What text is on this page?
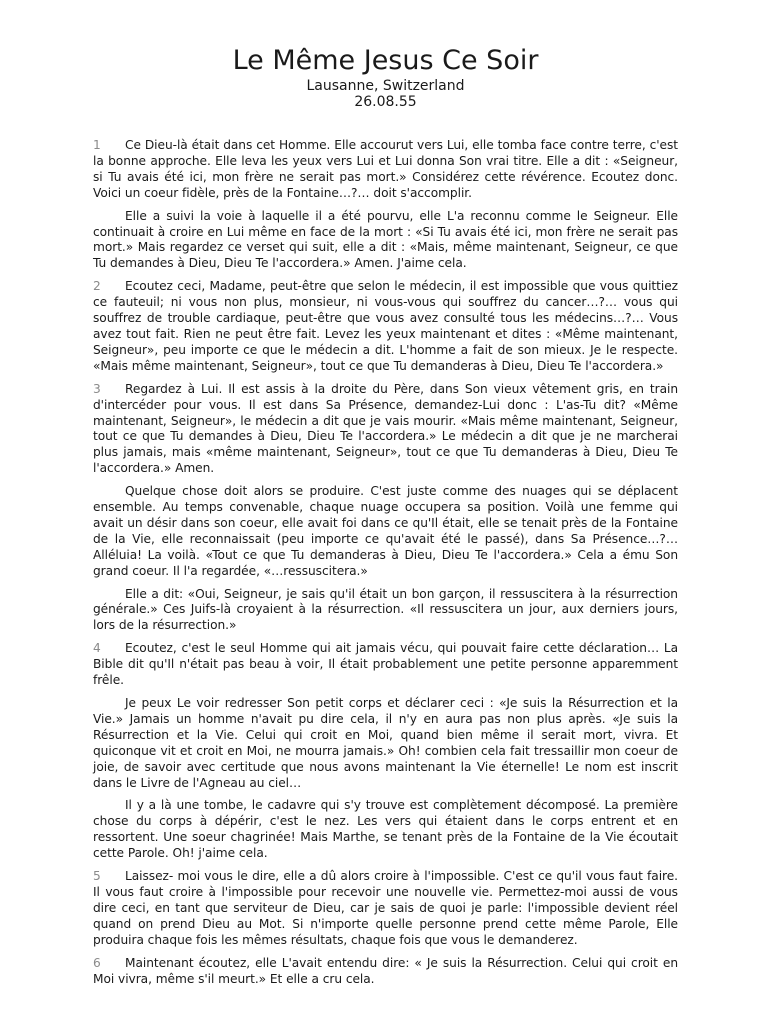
Le Même Jesus Ce Soir

Lausanne, Switzerland

26.08.55

1 Ce Dieu-là était dans cet Homme. Elle accourut vers Lui, elle tomba face contre terre, c'est la bonne approche. Elle leva les yeux vers Lui et Lui donna Son vrai titre. Elle a dit : «Seigneur, si Tu avais été ici, mon frère ne serait pas mort.» Considérez cette révérence. Ecoutez donc. Voici un coeur fidèle, près de la Fontaine…?… doit s'accomplir.

Elle a suivi la voie à laquelle il a été pourvu, elle L'a reconnu comme le Seigneur. Elle continuait à croire en Lui même en face de la mort : «Si Tu avais été ici, mon frère ne serait pas mort.» Mais regardez ce verset qui suit, elle a dit : «Mais, même maintenant, Seigneur, ce que Tu demandes à Dieu, Dieu Te l'accordera.» Amen. J'aime cela.

2 Ecoutez ceci, Madame, peut-être que selon le médecin, il est impossible que vous quittiez ce fauteuil; ni vous non plus, monsieur, ni vous-vous qui souffrez du cancer…?… vous qui souffrez de trouble cardiaque, peut-être que vous avez consulté tous les médecins…?… Vous avez tout fait. Rien ne peut être fait. Levez les yeux maintenant et dites : «Même maintenant, Seigneur», peu importe ce que le médecin a dit. L'homme a fait de son mieux. Je le respecte. «Mais même maintenant, Seigneur», tout ce que Tu demanderas à Dieu, Dieu Te l'accordera.»

3 Regardez à Lui. Il est assis à la droite du Père, dans Son vieux vêtement gris, en train d'intercéder pour vous. Il est dans Sa Présence, demandez-Lui donc : L'as-Tu dit? «Même maintenant, Seigneur», le médecin a dit que je vais mourir. «Mais même maintenant, Seigneur, tout ce que Tu demandes à Dieu, Dieu Te l'accordera.» Le médecin a dit que je ne marcherai plus jamais, mais «même maintenant, Seigneur», tout ce que Tu demanderas à Dieu, Dieu Te l'accordera.» Amen.

Quelque chose doit alors se produire. C'est juste comme des nuages qui se déplacent ensemble. Au temps convenable, chaque nuage occupera sa position. Voilà une femme qui avait un désir dans son coeur, elle avait foi dans ce qu'Il était, elle se tenait près de la Fontaine de la Vie, elle reconnaissait (peu importe ce qu'avait été le passé), dans Sa Présence…?… Alléluia! La voilà. «Tout ce que Tu demanderas à Dieu, Dieu Te l'accordera.» Cela a ému Son grand coeur. Il l'a regardée, «…ressuscitera.»

Elle a dit: «Oui, Seigneur, je sais qu'il était un bon garçon, il ressuscitera à la résurrection générale.» Ces Juifs-là croyaient à la résurrection. «Il ressuscitera un jour, aux derniers jours, lors de la résurrection.»

4 Ecoutez, c'est le seul Homme qui ait jamais vécu, qui pouvait faire cette déclaration… La Bible dit qu'Il n'était pas beau à voir, Il était probablement une petite personne apparemment frêle.

Je peux Le voir redresser Son petit corps et déclarer ceci : «Je suis la Résurrection et la Vie.» Jamais un homme n'avait pu dire cela, il n'y en aura pas non plus après. «Je suis la Résurrection et la Vie. Celui qui croit en Moi, quand bien même il serait mort, vivra. Et quiconque vit et croit en Moi, ne mourra jamais.» Oh! combien cela fait tressaillir mon coeur de joie, de savoir avec certitude que nous avons maintenant la Vie éternelle! Le nom est inscrit dans le Livre de l'Agneau au ciel…

Il y a là une tombe, le cadavre qui s'y trouve est complètement décomposé. La première chose du corps à dépérir, c'est le nez. Les vers qui étaient dans le corps entrent et en ressortent. Une soeur chagrinée! Mais Marthe, se tenant près de la Fontaine de la Vie écoutait cette Parole. Oh! j'aime cela.

5 Laissez- moi vous le dire, elle a dû alors croire à l'impossible. C'est ce qu'il vous faut faire. Il vous faut croire à l'impossible pour recevoir une nouvelle vie. Permettez-moi aussi de vous dire ceci, en tant que serviteur de Dieu, car je sais de quoi je parle: l'impossible devient réel quand on prend Dieu au Mot. Si n'importe quelle personne prend cette même Parole, Elle produira chaque fois les mêmes résultats, chaque fois que vous le demanderez.

6 Maintenant écoutez, elle L'avait entendu dire: « Je suis la Résurrection. Celui qui croit en Moi vivra, même s'il meurt.» Et elle a cru cela.
